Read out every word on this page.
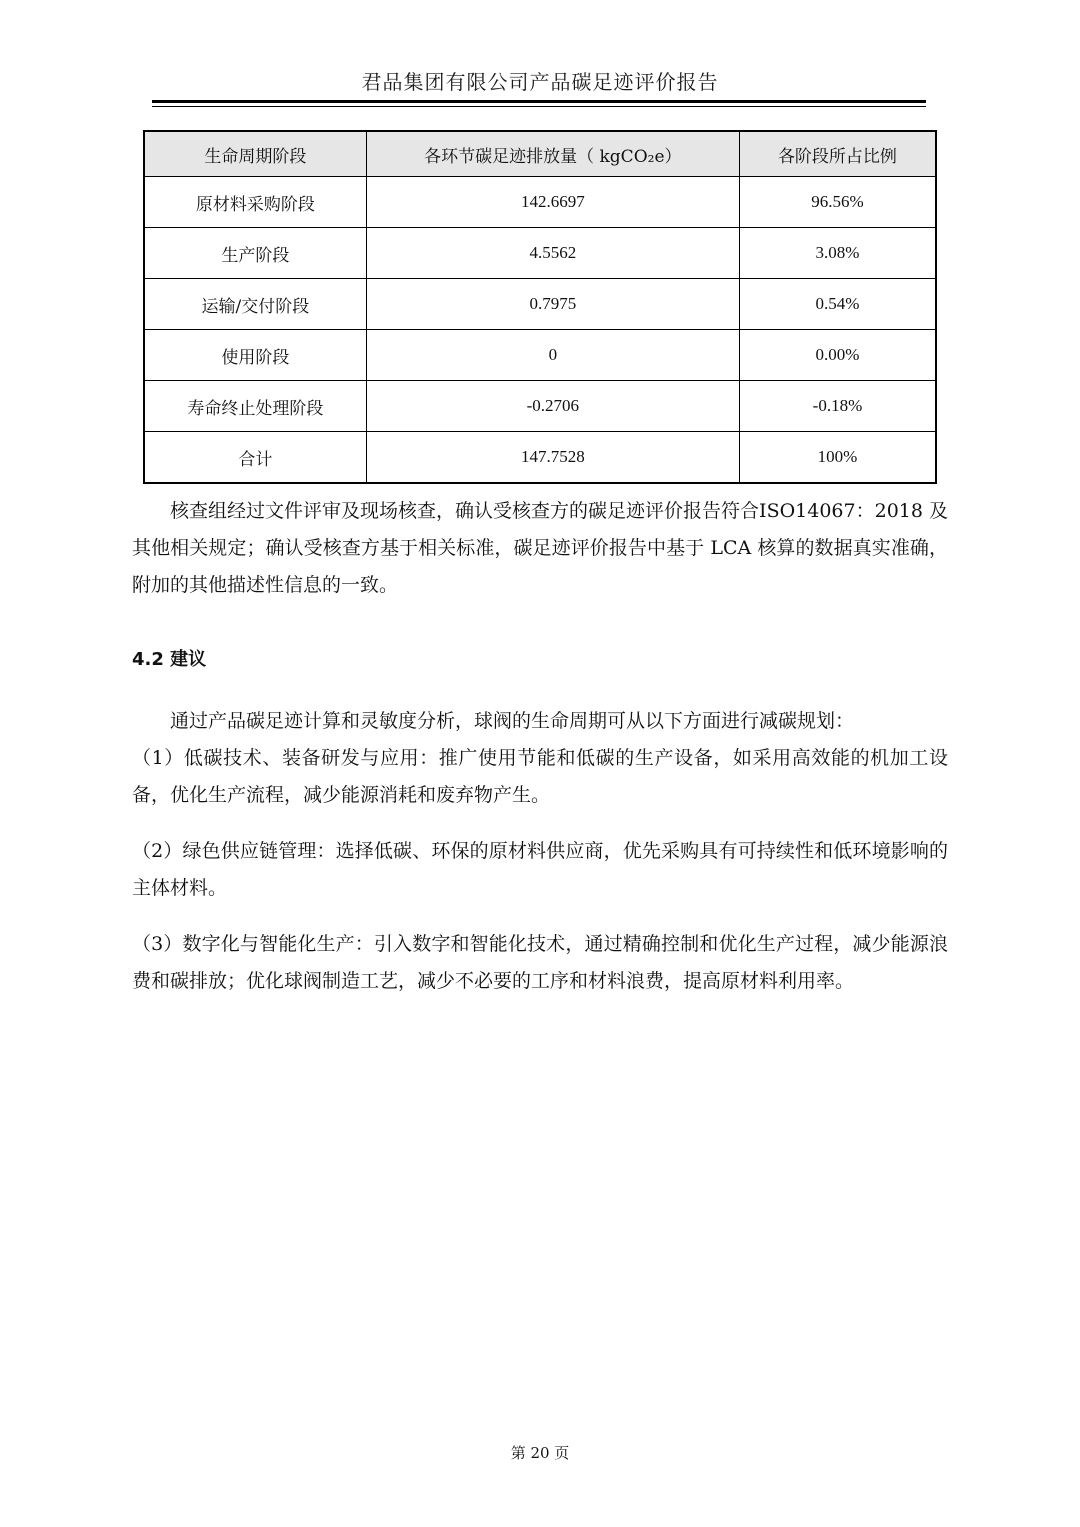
君品集团有限公司产品碳足迹评价报告
生命周期阶段	各环节碳足迹排放量（ kgCO₂e）	各阶段所占比例
原材料采购阶段	142.6697	96.56%
生产阶段	4.5562	3.08%
运输/交付阶段	0.7975	0.54%
使用阶段	0	0.00%
寿命终止处理阶段	-0.2706	-0.18%
合计	147.7528	100%

核查组经过文件评审及现场核查，确认受核查方的碳足迹评价报告符合ISO14067：2018 及其他相关规定；确认受核查方基于相关标准，碳足迹评价报告中基于 LCA 核算的数据真实准确，附加的其他描述性信息的一致。

4.2 建议

通过产品碳足迹计算和灵敏度分析，球阀的生命周期可从以下方面进行减碳规划：

（1）低碳技术、装备研发与应用：推广使用节能和低碳的生产设备，如采用高效能的机加工设备，优化生产流程，减少能源消耗和废弃物产生。

（2）绿色供应链管理：选择低碳、环保的原材料供应商，优先采购具有可持续性和低环境影响的主体材料。

（3）数字化与智能化生产：引入数字和智能化技术，通过精确控制和优化生产过程，减少能源浪费和碳排放；优化球阀制造工艺，减少不必要的工序和材料浪费，提高原材料利用率。

第 20 页
